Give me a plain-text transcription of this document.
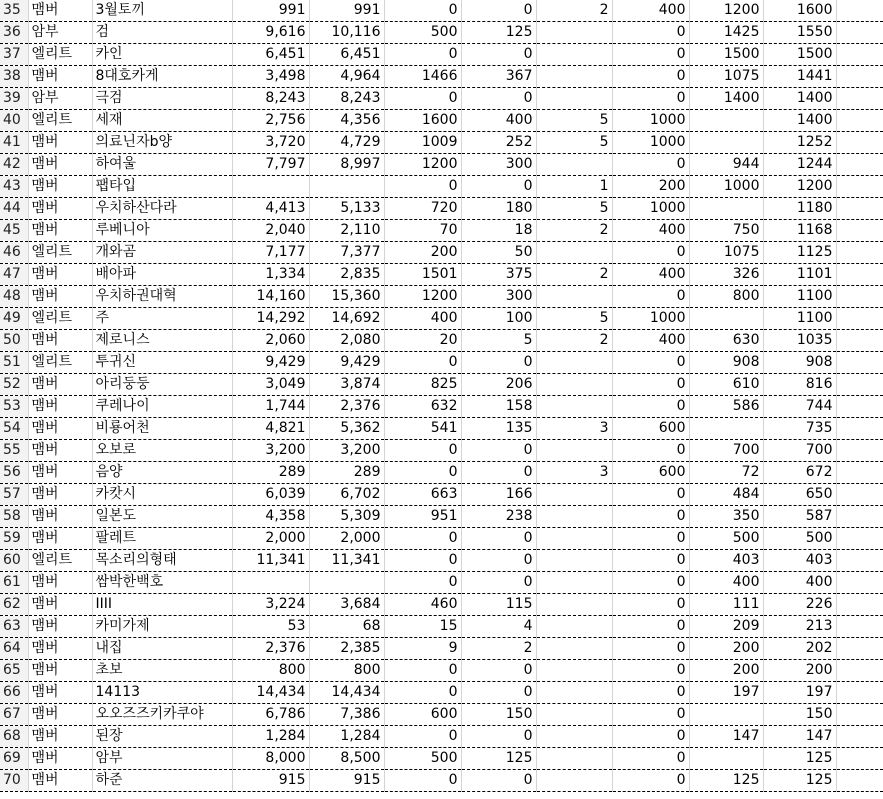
35	맴버	3월토끼	991	991	0	0	2	400	1200	1600	
36	암부	검	9,616	10,116	500	125		0	1425	1550	
37	엘리트	카인	6,451	6,451	0	0		0	1500	1500	
38	맴버	8대호카게	3,498	4,964	1466	367		0	1075	1441	
39	암부	극검	8,243	8,243	0	0		0	1400	1400	
40	엘리트	세재	2,756	4,356	1600	400	5	1000		1400	
41	맴버	의료닌자b양	3,720	4,729	1009	252	5	1000		1252	
42	맴버	하여울	7,797	8,997	1200	300		0	944	1244	
43	맴버	팹타입			0	0	1	200	1000	1200	
44	맴버	우치하산다라	4,413	5,133	720	180	5	1000		1180	
45	맴버	루베니아	2,040	2,110	70	18	2	400	750	1168	
46	엘리트	개와곰	7,177	7,377	200	50		0	1075	1125	
47	맴버	배아파	1,334	2,835	1501	375	2	400	326	1101	
48	맴버	우치하권대혁	14,160	15,360	1200	300		0	800	1100	
49	엘리트	주	14,292	14,692	400	100	5	1000		1100	
50	맴버	제로니스	2,060	2,080	20	5	2	400	630	1035	
51	엘리트	투귀신	9,429	9,429	0	0		0	908	908	
52	맴버	아리둥둥	3,049	3,874	825	206		0	610	816	
53	맴버	쿠레나이	1,744	2,376	632	158		0	586	744	
54	맴버	비룡어천	4,821	5,362	541	135	3	600		735	
55	맴버	오보로	3,200	3,200	0	0		0	700	700	
56	맴버	음양	289	289	0	0	3	600	72	672	
57	맴버	카캇시	6,039	6,702	663	166		0	484	650	
58	맴버	일본도	4,358	5,309	951	238		0	350	587	
59	맴버	팔레트	2,000	2,000	0	0		0	500	500	
60	엘리트	목소리의형태	11,341	11,341	0	0		0	403	403	
61	맴버	쌈박한백호			0	0		0	400	400	
62	맴버	IIII	3,224	3,684	460	115		0	111	226	
63	맴버	카미가제	53	68	15	4		0	209	213	
64	맴버	내집	2,376	2,385	9	2		0	200	202	
65	맴버	초보	800	800	0	0		0	200	200	
66	맴버	14113	14,434	14,434	0	0		0	197	197	
67	맴버	오오즈즈키카쿠야	6,786	7,386	600	150		0		150	
68	맴버	된장	1,284	1,284	0	0		0	147	147	
69	맴버	암부	8,000	8,500	500	125		0		125	
70	맴버	하준	915	915	0	0		0	125	125	
